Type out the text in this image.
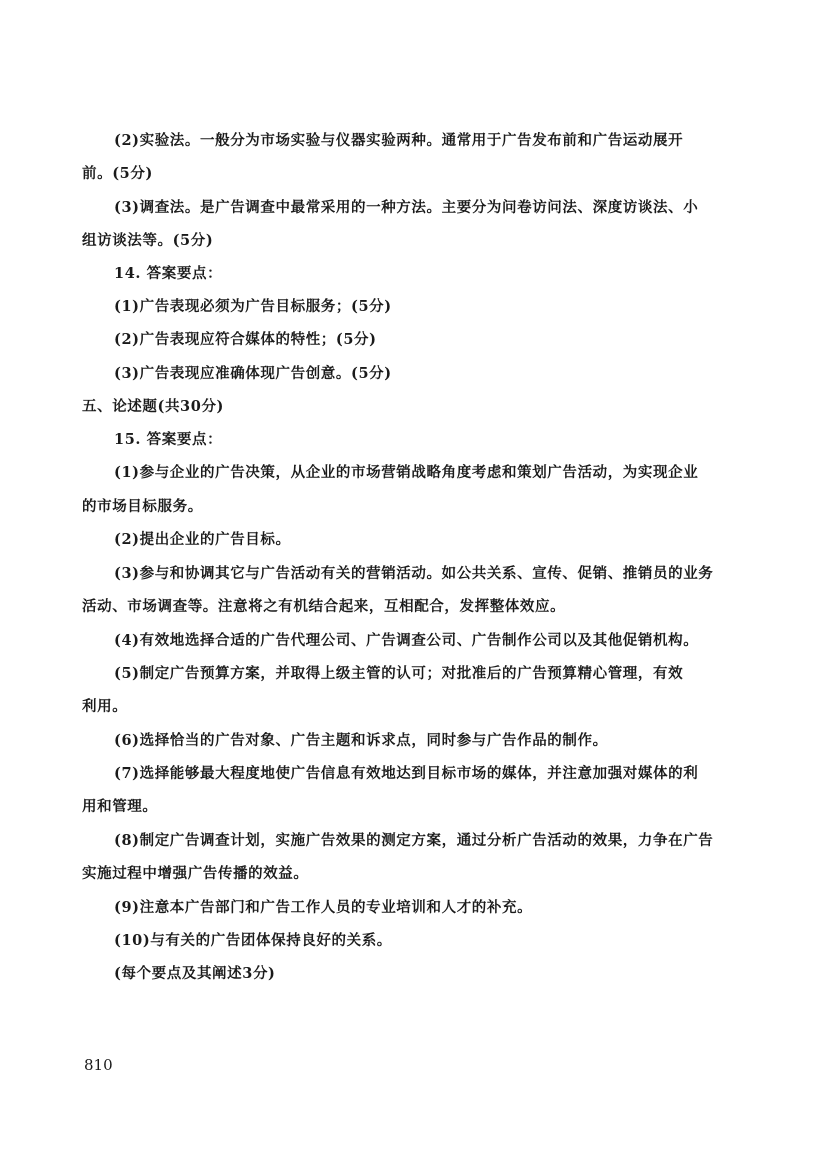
(2)实验法。一般分为市场实验与仪器实验两种。通常用于广告发布前和广告运动展开
前。(5分)
(3)调查法。是广告调查中最常采用的一种方法。主要分为问卷访问法、深度访谈法、小
组访谈法等。(5分)
14. 答案要点：
(1)广告表现必须为广告目标服务；(5分)
(2)广告表现应符合媒体的特性；(5分)
(3)广告表现应准确体现广告创意。(5分)
五、论述题(共30分)
15. 答案要点：
(1)参与企业的广告决策，从企业的市场营销战略角度考虑和策划广告活动，为实现企业
的市场目标服务。
(2)提出企业的广告目标。
(3)参与和协调其它与广告活动有关的营销活动。如公共关系、宣传、促销、推销员的业务
活动、市场调查等。注意将之有机结合起来，互相配合，发挥整体效应。
(4)有效地选择合适的广告代理公司、广告调查公司、广告制作公司以及其他促销机构。
(5)制定广告预算方案，并取得上级主管的认可；对批准后的广告预算精心管理，有效
利用。
(6)选择恰当的广告对象、广告主题和诉求点，同时参与广告作品的制作。
(7)选择能够最大程度地使广告信息有效地达到目标市场的媒体，并注意加强对媒体的利
用和管理。
(8)制定广告调查计划，实施广告效果的测定方案，通过分析广告活动的效果，力争在广告
实施过程中增强广告传播的效益。
(9)注意本广告部门和广告工作人员的专业培训和人才的补充。
(10)与有关的广告团体保持良好的关系。
(每个要点及其阐述3分)
810
